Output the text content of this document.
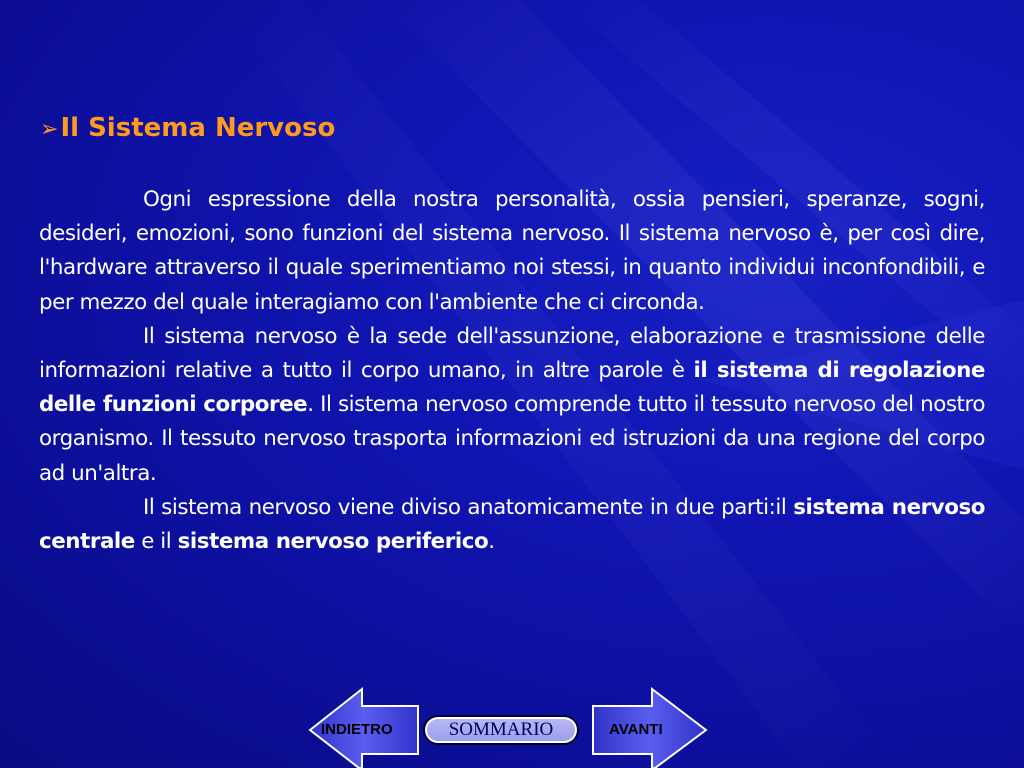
➢Il Sistema Nervoso

Ogni espressione della nostra personalità, ossia pensieri, speranze, sogni, desideri, emozioni, sono funzioni del sistema nervoso. Il sistema nervoso è, per così dire, l'hardware attraverso il quale sperimentiamo noi stessi, in quanto individui inconfondibili, e per mezzo del quale interagiamo con l'ambiente che ci circonda.

Il sistema nervoso è la sede dell'assunzione, elaborazione e trasmissione delle informazioni relative a tutto il corpo umano, in altre parole è il sistema di regolazione delle funzioni corporee. Il sistema nervoso comprende tutto il tessuto nervoso del nostro organismo. Il tessuto nervoso trasporta informazioni ed istruzioni da una regione del corpo ad un'altra.

Il sistema nervoso viene diviso anatomicamente in due parti:il sistema nervoso centrale e il sistema nervoso periferico.

INDIETRO	SOMMARIO	AVANTI
